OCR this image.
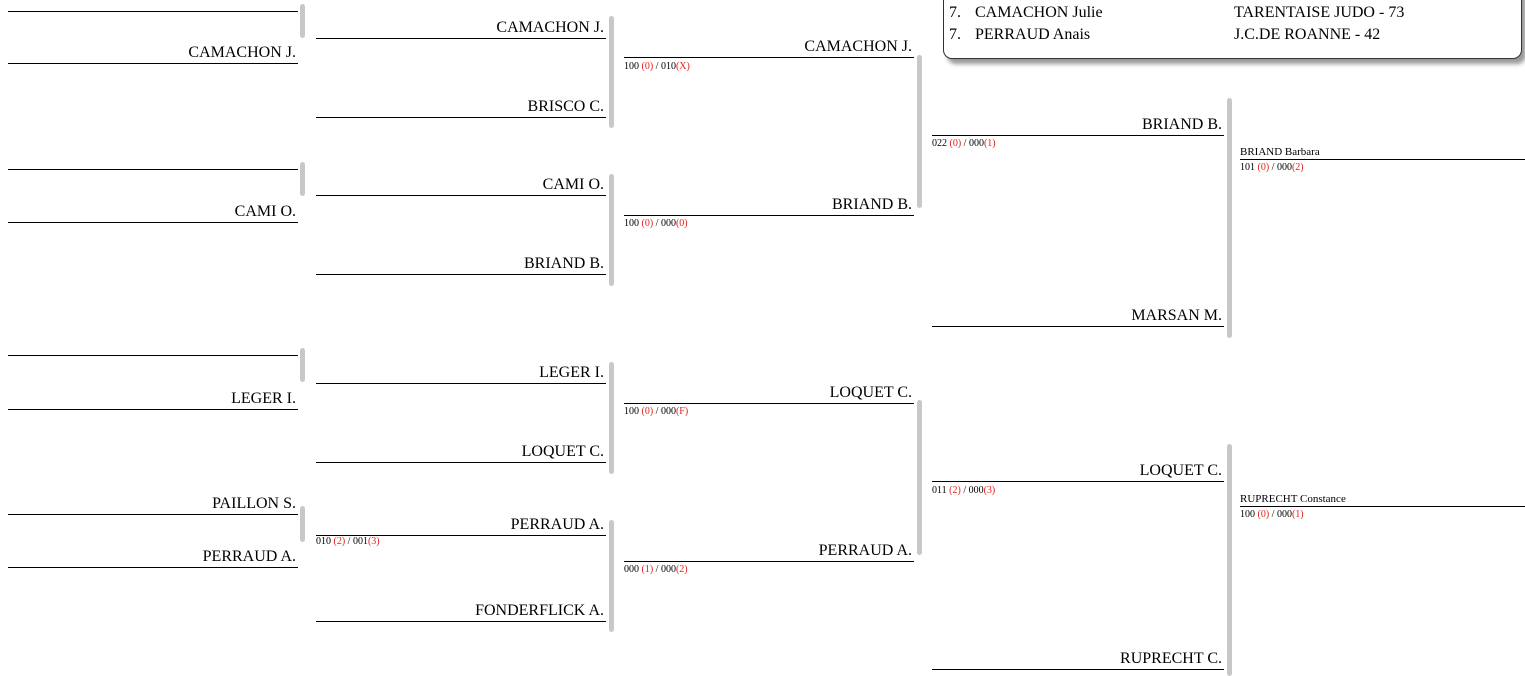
7. CAMACHON Julie	TARENTAISE JUDO - 73
7. PERRAUD Anais	J.C.DE ROANNE - 42
CAMACHON J.
CAMI O.
LEGER I.
PAILLON S.
PERRAUD A.
CAMACHON J.
BRISCO C.
CAMI O.
BRIAND B.
LEGER I.
LOQUET C.
PERRAUD A.
FONDERFLICK A.
010 (2) / 001(3)
CAMACHON J.
BRIAND B.
LOQUET C.
PERRAUD A.
100 (0) / 010(X)
100 (0) / 000(0)
100 (0) / 000(F)
000 (1) / 000(2)
BRIAND B.
MARSAN M.
LOQUET C.
RUPRECHT C.
022 (0) / 000(1)
011 (2) / 000(3)
BRIAND Barbara
101 (0) / 000(2)
RUPRECHT Constance
100 (0) / 000(1)
